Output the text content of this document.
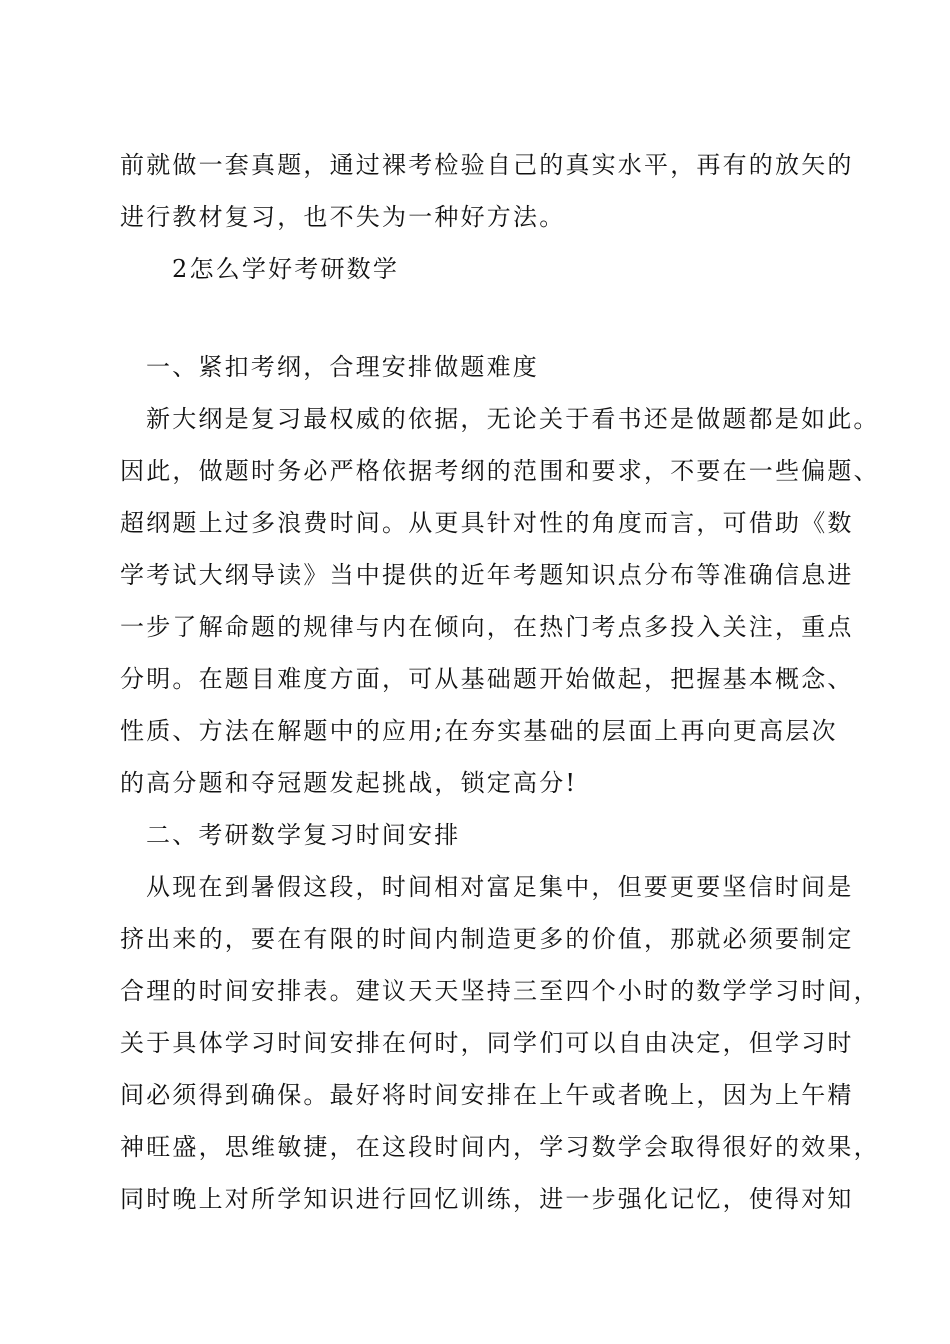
前就做一套真题，通过裸考检验自己的真实水平，再有的放矢的
进行教材复习，也不失为一种好方法。
2怎么学好考研数学
一、紧扣考纲，合理安排做题难度
新大纲是复习最权威的依据，无论关于看书还是做题都是如此。
因此，做题时务必严格依据考纲的范围和要求，不要在一些偏题、
超纲题上过多浪费时间。从更具针对性的角度而言，可借助《数
学考试大纲导读》当中提供的近年考题知识点分布等准确信息进
一步了解命题的规律与内在倾向，在热门考点多投入关注，重点
分明。在题目难度方面，可从基础题开始做起，把握基本概念、
性质、方法在解题中的应用;在夯实基础的层面上再向更高层次
的高分题和夺冠题发起挑战，锁定高分!
二、考研数学复习时间安排
从现在到暑假这段，时间相对富足集中，但要更要坚信时间是
挤出来的，要在有限的时间内制造更多的价值，那就必须要制定
合理的时间安排表。建议天天坚持三至四个小时的数学学习时间，
关于具体学习时间安排在何时，同学们可以自由决定，但学习时
间必须得到确保。最好将时间安排在上午或者晚上，因为上午精
神旺盛，思维敏捷，在这段时间内，学习数学会取得很好的效果，
同时晚上对所学知识进行回忆训练，进一步强化记忆，使得对知
